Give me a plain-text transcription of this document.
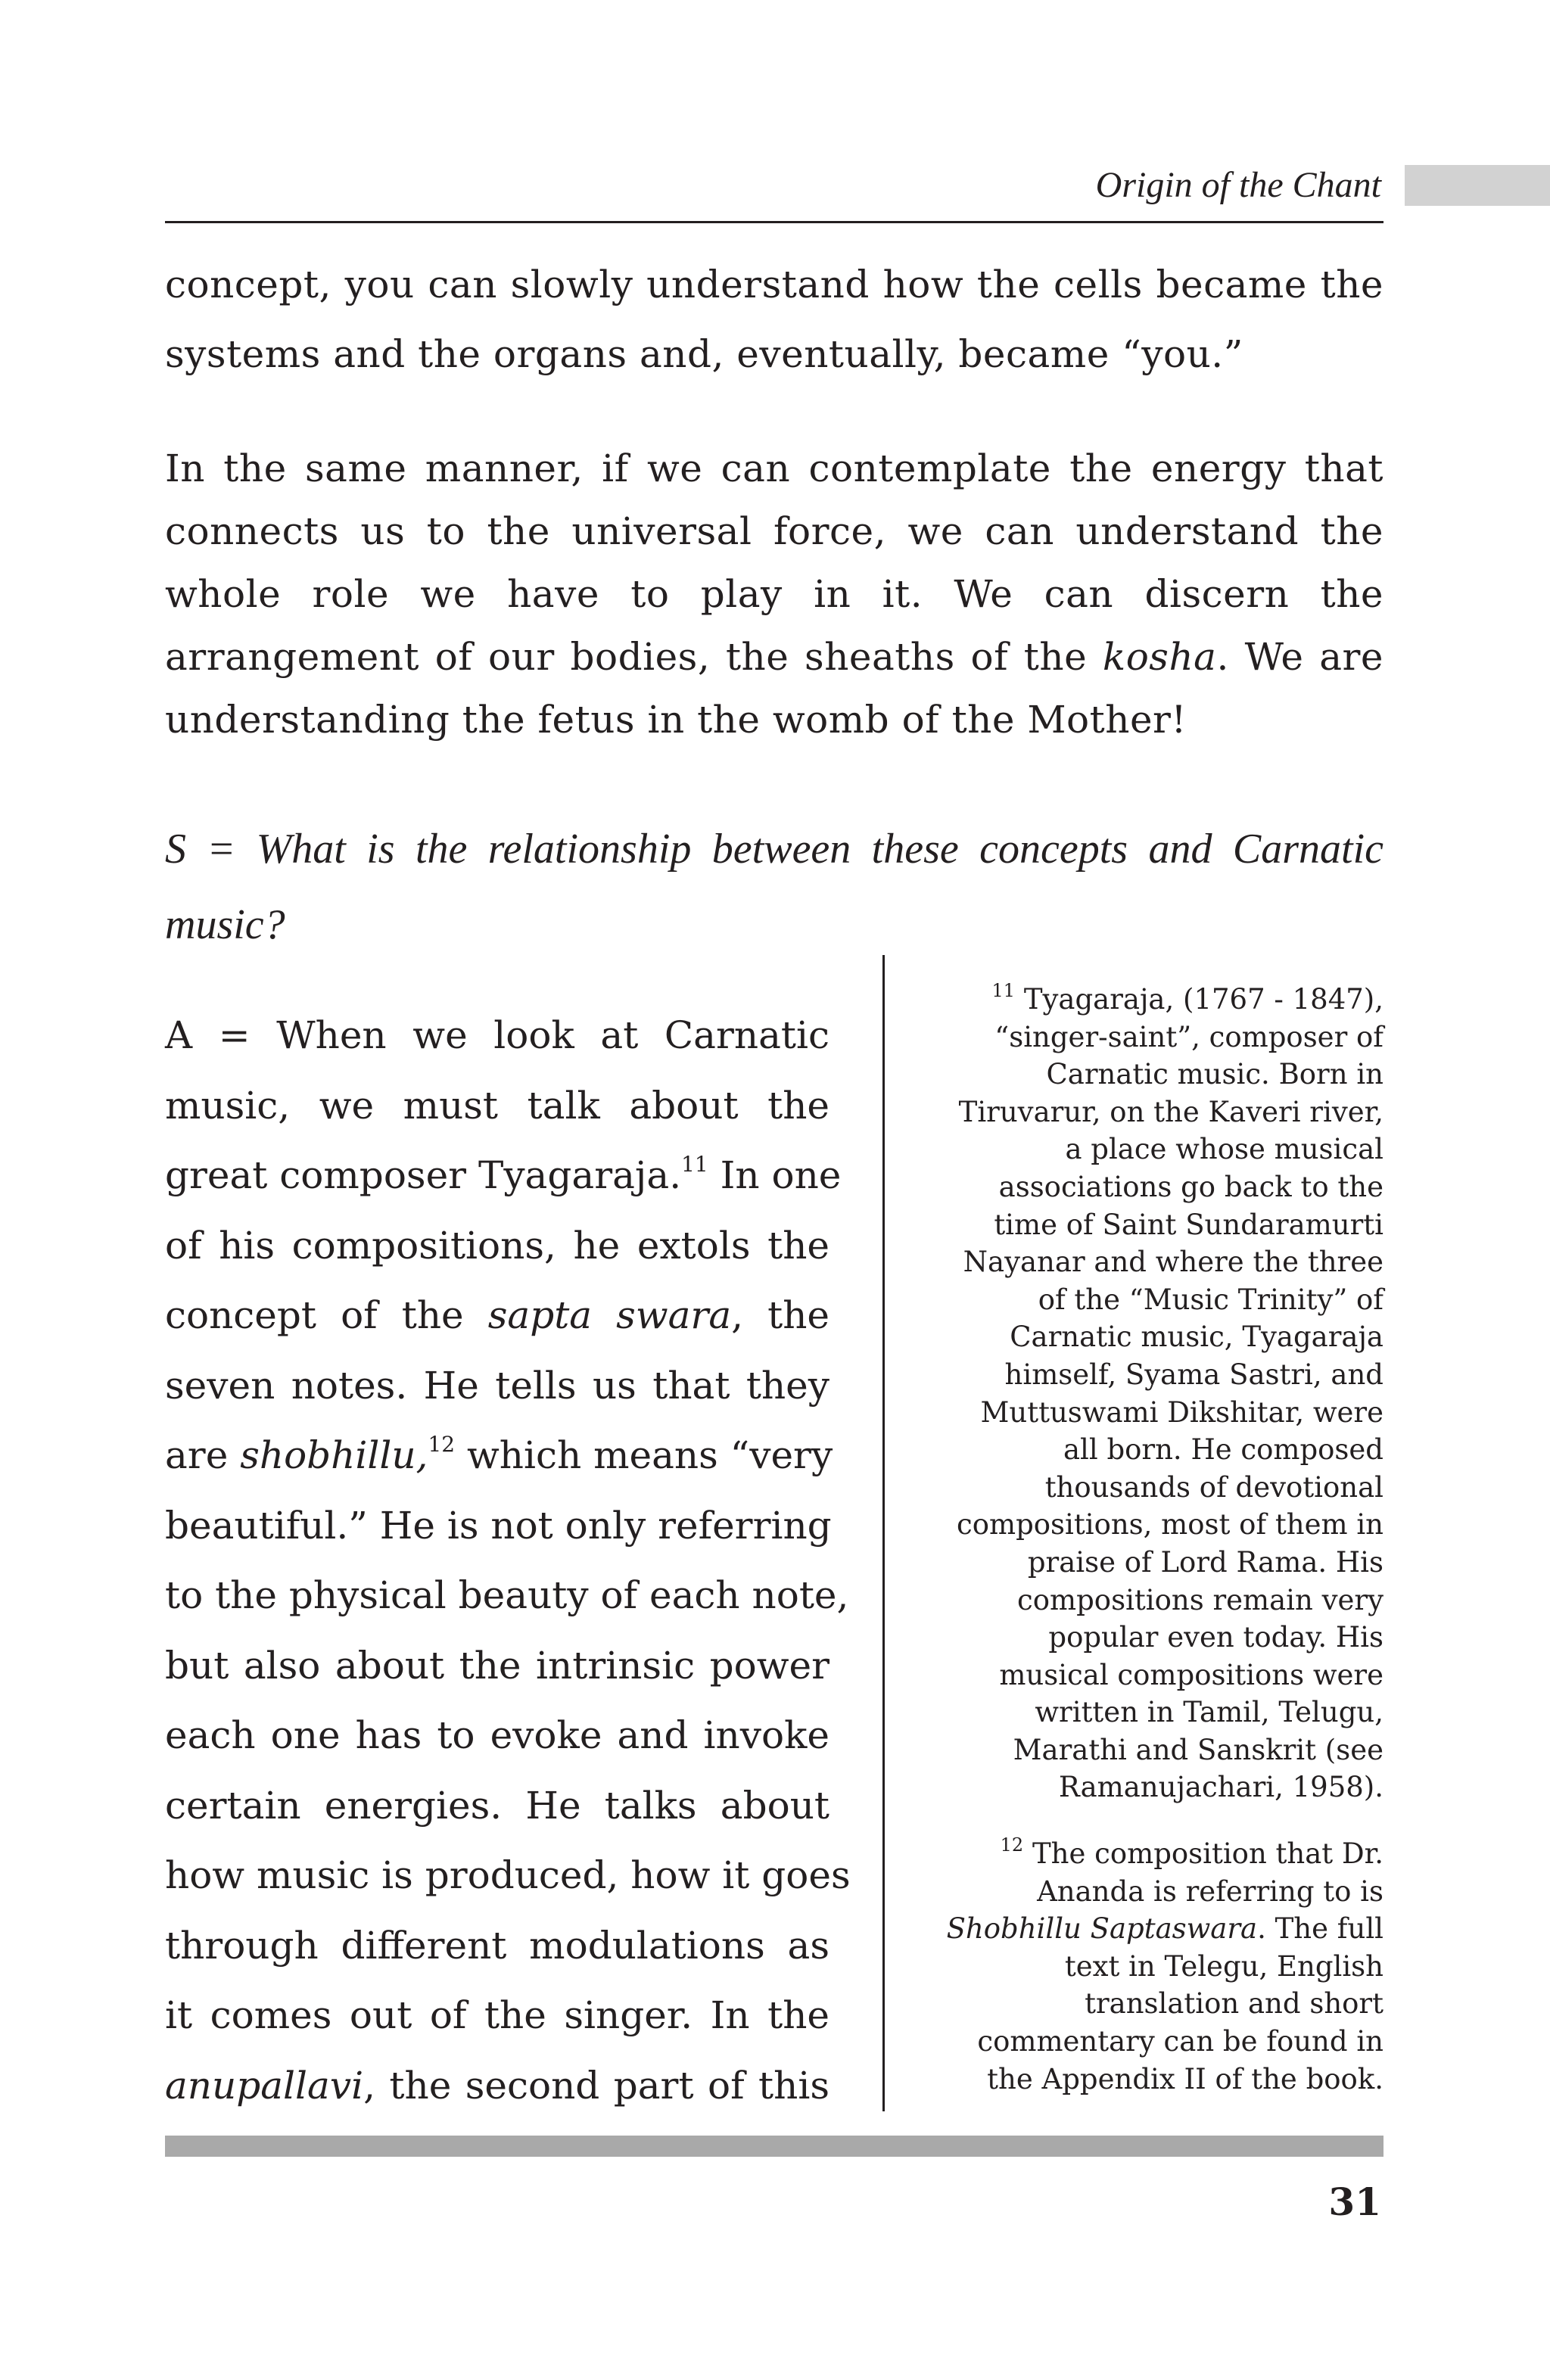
Origin of the Chant
concept, you can slowly understand how the cells became the systems and the organs and, eventually, became “you.”
In the same manner, if we can contemplate the energy that connects us to the universal force, we can understand the whole role we have to play in it. We can discern the arrangement of our bodies, the sheaths of the kosha. We are understanding the fetus in the womb of the Mother!
S = What is the relationship between these concepts and Carnatic music?
A = When we look at Carnatic
music, we must talk about the
great composer Tyagaraja.$^{11}$ In one
of his compositions, he extols the
concept of the sapta swara, the
seven notes. He tells us that they
are shobhillu,$^{12}$ which means “very
beautiful.” He is not only referring
to the physical beauty of each note,
but also about the intrinsic power
each one has to evoke and invoke
certain energies. He talks about
how music is produced, how it goes
through different modulations as
it comes out of the singer. In the
anupallavi, the second part of this
$^{11}$ Tyagaraja, (1767 - 1847),
“singer-saint”, composer of
Carnatic music. Born in
Tiruvarur, on the Kaveri river,
a place whose musical
associations go back to the
time of Saint Sundaramurti
Nayanar and where the three
of the “Music Trinity” of
Carnatic music, Tyagaraja
himself, Syama Sastri, and
Muttuswami Dikshitar, were
all born. He composed
thousands of devotional
compositions, most of them in
praise of Lord Rama. His
compositions remain very
popular even today. His
musical compositions were
written in Tamil, Telugu,
Marathi and Sanskrit (see
Ramanujachari, 1958).
$^{12}$ The composition that Dr.
Ananda is referring to is
Shobhillu Saptaswara. The full
text in Telegu, English
translation and short
commentary can be found in
the Appendix II of the book.
31
